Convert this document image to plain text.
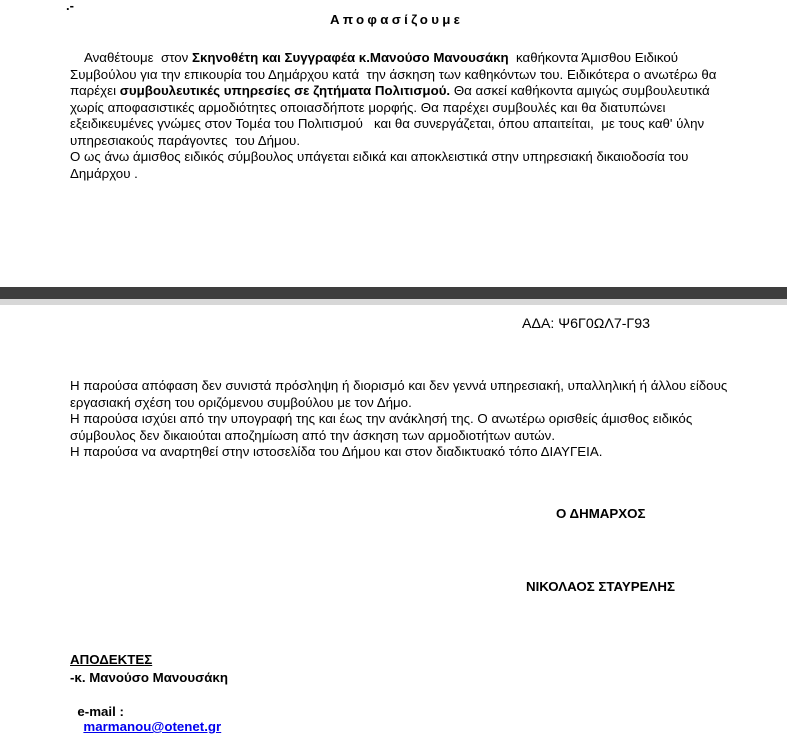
.-
Αποφασίζουμε
Αναθέτουμε  στον Σκηνοθέτη και Συγγραφέα κ.Μανούσο Μανουσάκη  καθήκοντα Άμισθου Ειδικού
Συμβούλου για την επικουρία του Δημάρχου κατά  την άσκηση των καθηκόντων του. Ειδικότερα ο ανωτέρω θα
παρέχει συμβουλευτικές υπηρεσίες σε ζητήματα Πολιτισμού. Θα ασκεί καθήκοντα αμιγώς συμβουλευτικά
χωρίς αποφασιστικές αρμοδιότητες οποιασδήποτε μορφής. Θα παρέχει συμβουλές και θα διατυπώνει
εξειδικευμένες γνώμες στον Τομέα του Πολιτισμού   και θα συνεργάζεται, όπου απαιτείται,  με τους καθ' ύλην
υπηρεσιακούς παράγοντες  του Δήμου.
Ο ως άνω άμισθος ειδικός σύμβουλος υπάγεται ειδικά και αποκλειστικά στην υπηρεσιακή δικαιοδοσία του
Δημάρχου .
ΑΔΑ: Ψ6Γ0ΩΛ7-Γ93
Η παρούσα απόφαση δεν συνιστά πρόσληψη ή διορισμό και δεν γεννά υπηρεσιακή, υπαλληλική ή άλλου είδους
εργασιακή σχέση του οριζόμενου συμβούλου με τον Δήμο.
Η παρούσα ισχύει από την υπογραφή της και έως την ανάκλησή της. Ο ανωτέρω ορισθείς άμισθος ειδικός
σύμβουλος δεν δικαιούται αποζημίωση από την άσκηση των αρμοδιοτήτων αυτών.
Η παρούσα να αναρτηθεί στην ιστοσελίδα του Δήμου και στον διαδικτυακό τόπο ΔΙΑΥΓΕΙΑ.
Ο ΔΗΜΑΡΧΟΣ
ΝΙΚΟΛΑΟΣ ΣΤΑΥΡΕΛΗΣ
ΑΠΟΔΕΚΤΕΣ
-κ. Μανούσο Μανουσάκη

e-mail :
marmanou@otenet.gr
